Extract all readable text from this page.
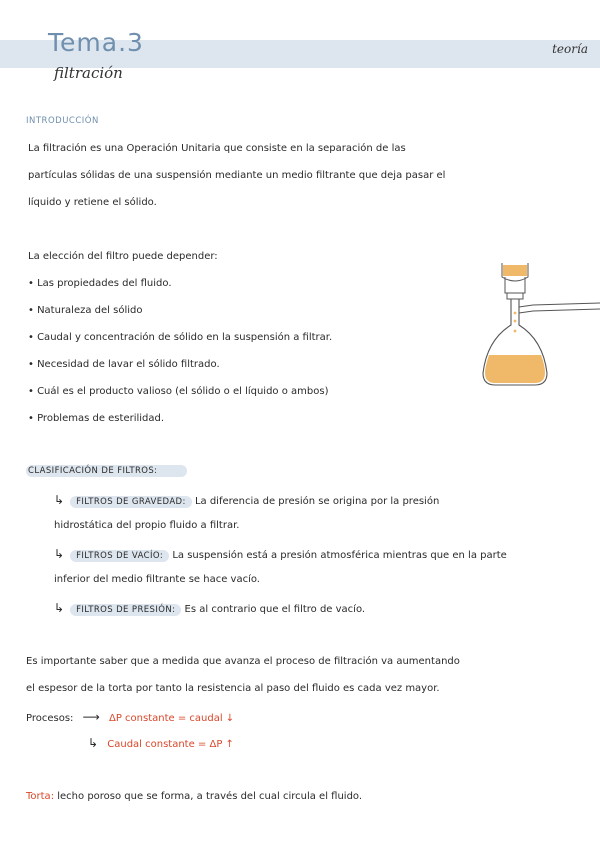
Tema.3
filtración
teoría
INTRODUCCIÓN
La filtración es una Operación Unitaria que consiste en la separación de las
partículas sólidas de una suspensión mediante un medio filtrante que deja pasar el
líquido y retiene el sólido.
La elección del filtro puede depender:
• Las propiedades del fluido.
• Naturaleza del sólido
• Caudal y concentración de sólido en la suspensión a filtrar.
• Necesidad de lavar el sólido filtrado.
• Cuál es el producto valioso (el sólido o el líquido o ambos)
• Problemas de esterilidad.
CLASIFICACIÓN DE FILTROS:
↳ FILTROS DE GRAVEDAD: La diferencia de presión se origina por la presión
hidrostática del propio fluido a filtrar.
↳ FILTROS DE VACÍO: La suspensión está a presión atmosférica mientras que en la parte
inferior del medio filtrante se hace vacío.
↳ FILTROS DE PRESIÓN: Es al contrario que el filtro de vacío.
Es importante saber que a medida que avanza el proceso de filtración va aumentando
el espesor de la torta por tanto la resistencia al paso del fluido es cada vez mayor.
Procesos: ⟶ ΔP constante = caudal ↓
↳ Caudal constante = ΔP ↑
Torta: lecho poroso que se forma, a través del cual circula el fluido.
